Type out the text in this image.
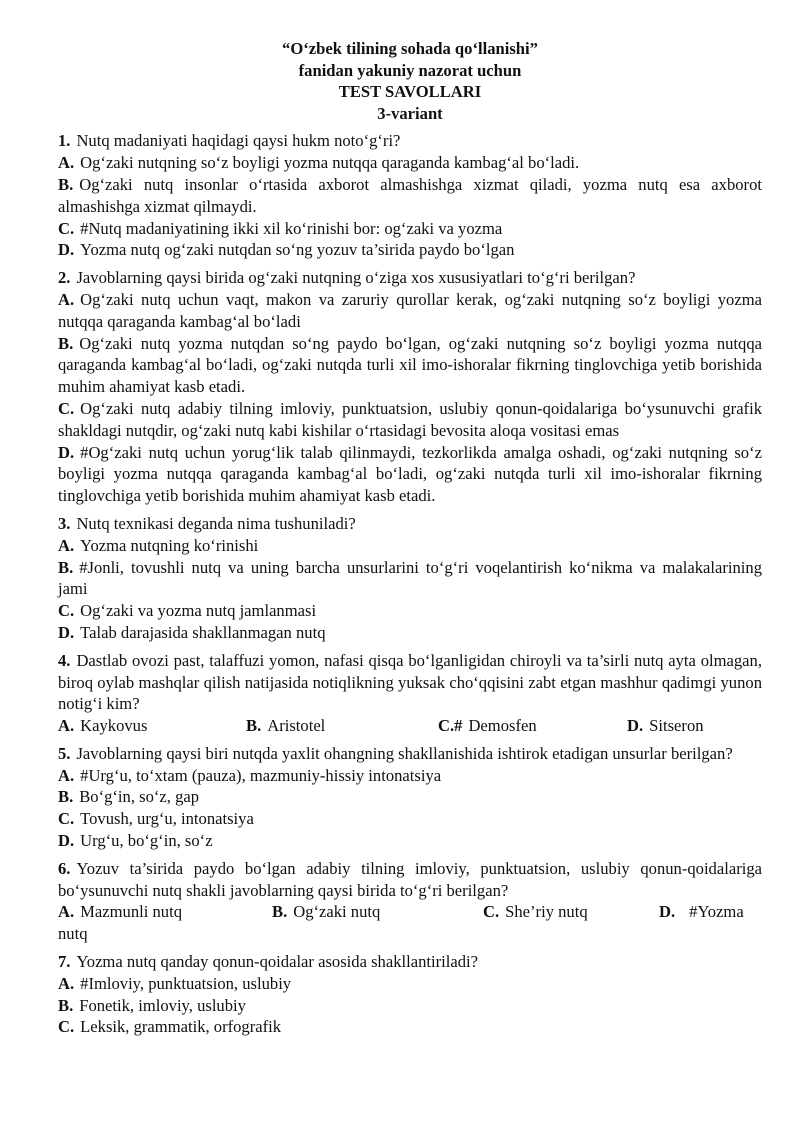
“O‘zbek tilining sohada qo‘llanishi”
fanidan yakuniy nazorat uchun
TEST SAVOLLARI
3-variant
1. Nutq madaniyati haqidagi qaysi hukm noto‘g‘ri?
A. Og‘zaki nutqning so‘z boyligi yozma nutqqa qaraganda kambag‘al bo‘ladi.
B. Og‘zaki nutq insonlar o‘rtasida axborot almashishga xizmat qiladi, yozma nutq esa axborot almashishga xizmat qilmaydi.
C. #Nutq madaniyatining ikki xil ko‘rinishi bor: og‘zaki va yozma
D. Yozma nutq og‘zaki nutqdan so‘ng yozuv ta’sirida paydo bo‘lgan
2. Javoblarning qaysi birida og‘zaki nutqning o‘ziga xos xususiyatlari to‘g‘ri berilgan?
A. Og‘zaki nutq uchun vaqt, makon va zaruriy qurollar kerak, og‘zaki nutqning so‘z boyligi yozma nutqqa qaraganda kambag‘al bo‘ladi
B. Og‘zaki nutq yozma nutqdan so‘ng paydo bo‘lgan, og‘zaki nutqning so‘z boyligi yozma nutqqa qaraganda kambag‘al bo‘ladi, og‘zaki nutqda turli xil imo-ishoralar fikrning tinglovchiga yetib borishida muhim ahamiyat kasb etadi.
C. Og‘zaki nutq adabiy tilning imloviy, punktuatsion, uslubiy qonun-qoidalariga bo‘ysunuvchi grafik shakldagi nutqdir, og‘zaki nutq kabi kishilar o‘rtasidagi bevosita aloqa vositasi emas
D. #Og‘zaki nutq uchun yorug‘lik talab qilinmaydi, tezkorlikda amalga oshadi, og‘zaki nutqning so‘z boyligi yozma nutqqa qaraganda kambag‘al bo‘ladi, og‘zaki nutqda turli xil imo-ishoralar fikrning tinglovchiga yetib borishida muhim ahamiyat kasb etadi.
3. Nutq texnikasi deganda nima tushuniladi?
A. Yozma nutqning ko‘rinishi
B. #Jonli, tovushli nutq va uning barcha unsurlarini to‘g‘ri voqelantirish ko‘nikma va malakalarining jami
C. Og‘zaki va yozma nutq jamlanmasi
D. Talab darajasida shakllanmagan nutq
4. Dastlab ovozi past, talaffuzi yomon, nafasi qisqa bo‘lganligidan chiroyli va ta’sirli nutq ayta olmagan, biroq oylab mashqlar qilish natijasida notiqlikning yuksak cho‘qqisini zabt etgan mashhur qadimgi yunon notig‘i kim?
A. Kaykovus	B. Aristotel	C.# Demosfen	D. Sitseron
5. Javoblarning qaysi biri nutqda yaxlit ohangning shakllanishida ishtirok etadigan unsurlar berilgan?
A. #Urg‘u, to‘xtam (pauza), mazmuniy-hissiy intonatsiya
B. Bo‘g‘in, so‘z, gap
C. Tovush, urg‘u, intonatsiya
D. Urg‘u, bo‘g‘in, so‘z
6. Yozuv ta’sirida paydo bo‘lgan adabiy tilning imloviy, punktuatsion, uslubiy qonun-qoidalariga bo‘ysunuvchi nutq shakli javoblarning qaysi birida to‘g‘ri berilgan?
A. Mazmunli nutq	B. Og‘zaki nutq	C. She’riy nutq	D. #Yozma nutq
7. Yozma nutq qanday qonun-qoidalar asosida shakllantiriladi?
A. #Imloviy, punktuatsion, uslubiy
B. Fonetik, imloviy, uslubiy
C. Leksik, grammatik, orfografik
